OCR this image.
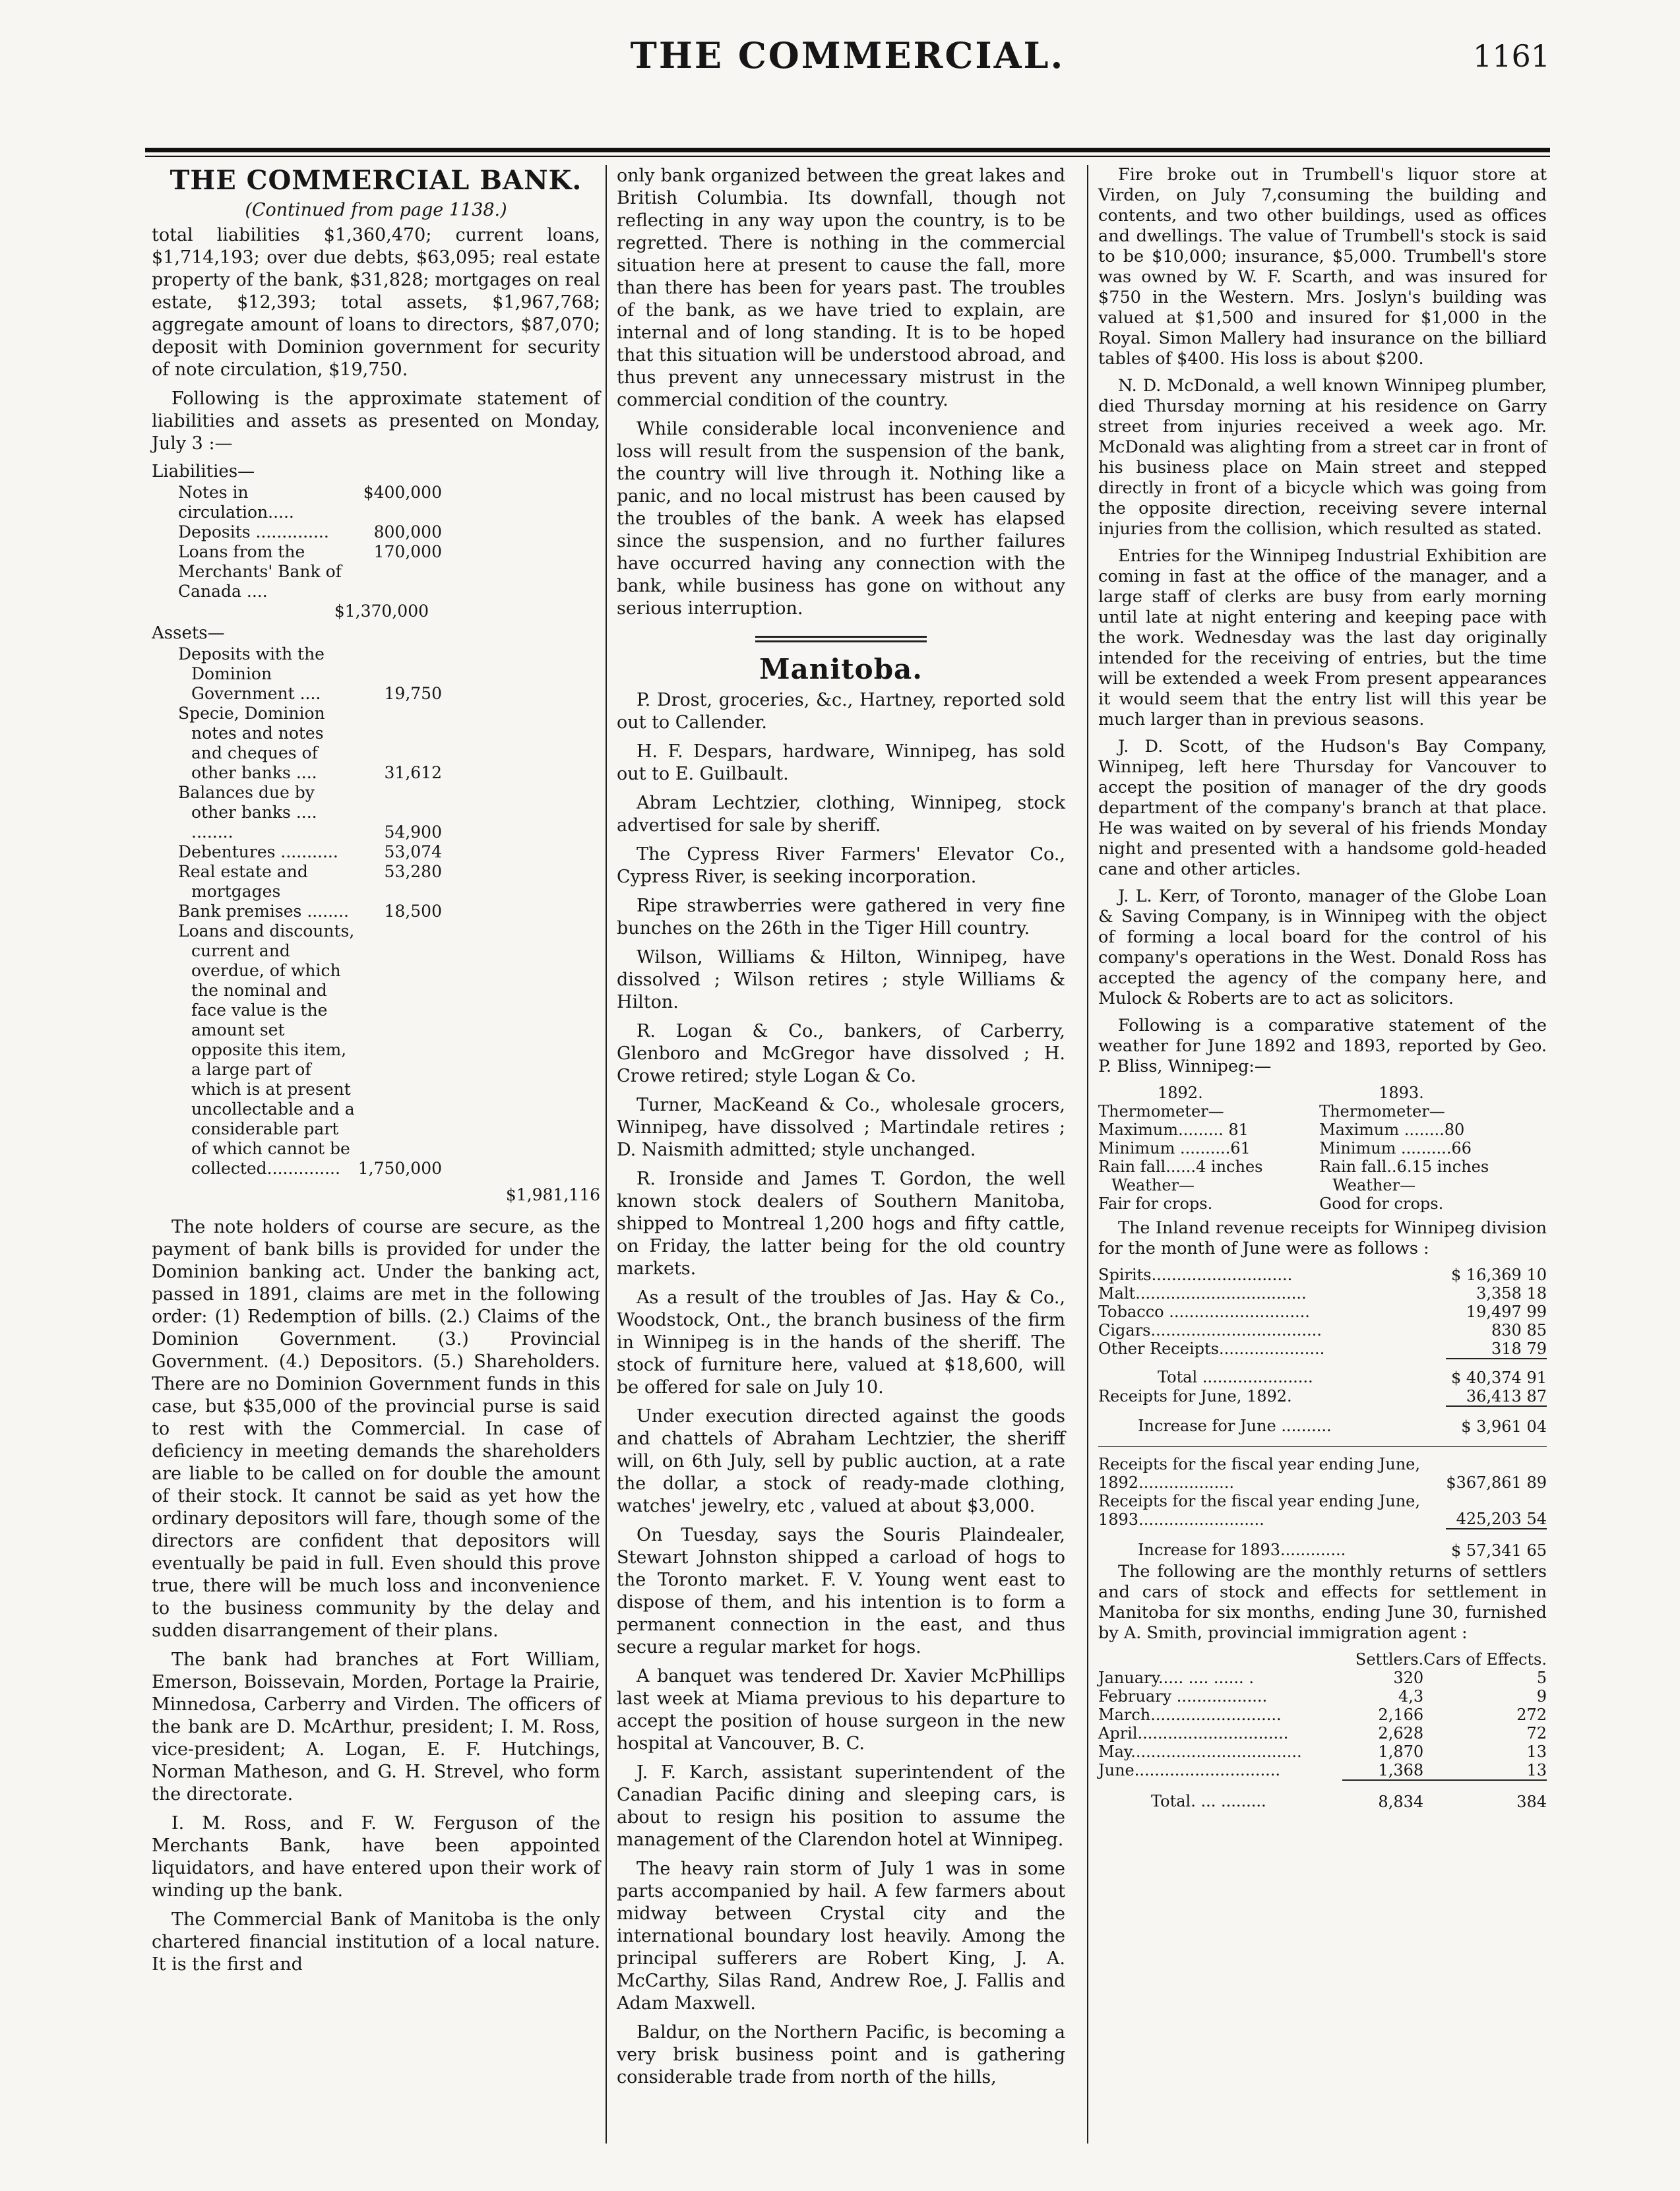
THE COMMERCIAL.	1161
THE COMMERCIAL BANK.
(Continued from page 1138.)

total liabilities $1,360,470; current loans, $1,714,193; over due debts, $63,095; real estate property of the bank, $31,828; mortgages on real estate, $12,393; total assets, $1,967,768; aggregate amount of loans to directors, $87,070; deposit with Dominion government for security of note circulation, $19,750.

Following is the approximate statement of liabilities and assets as presented on Monday, July 3 :—

Liabilities—
Notes in circulation.....	$400,000
Deposits ..............	800,000
Loans from the Merchants' Bank of Canada ....	170,000
$1,370,000
Assets—
Deposits with the Dominion Government ....	19,750
Specie, Dominion notes and notes and cheques of other banks ....	31,612
Balances due by other banks .... ........	54,900
Debentures ...........	53,074
Real estate and mortgages	53,280
Bank premises ........	18,500
Loans and discounts, current and overdue, of which the nominal and face value is the amount set opposite this item, a large part of which is at present uncollectable and a considerable part of which cannot be collected..............	1,750,000
$1,981,116

The note holders of course are secure, as the payment of bank bills is provided for under the Dominion banking act. Under the banking act, passed in 1891, claims are met in the following order: (1) Redemption of bills. (2.) Claims of the Dominion Government. (3.) Provincial Government. (4.) Depositors. (5.) Shareholders. There are no Dominion Government funds in this case, but $35,000 of the provincial purse is said to rest with the Commercial. In case of deficiency in meeting demands the shareholders are liable to be called on for double the amount of their stock. It cannot be said as yet how the ordinary depositors will fare, though some of the directors are confident that depositors will eventually be paid in full. Even should this prove true, there will be much loss and inconvenience to the business community by the delay and sudden disarrangement of their plans.

The bank had branches at Fort William, Emerson, Boissevain, Morden, Portage la Prairie, Minnedosa, Carberry and Virden. The officers of the bank are D. McArthur, president; I. M. Ross, vice-president; A. Logan, E. F. Hutchings, Norman Matheson, and G. H. Strevel, who form the directorate.

I. M. Ross, and F. W. Ferguson of the Merchants Bank, have been appointed liquidators, and have entered upon their work of winding up the bank.

The Commercial Bank of Manitoba is the only chartered financial institution of a local nature. It is the first and

only bank organized between the great lakes and British Columbia. Its downfall, though not reflecting in any way upon the country, is to be regretted. There is nothing in the commercial situation here at present to cause the fall, more than there has been for years past. The troubles of the bank, as we have tried to explain, are internal and of long standing. It is to be hoped that this situation will be understood abroad, and thus prevent any unnecessary mistrust in the commercial condition of the country.

While considerable local inconvenience and loss will result from the suspension of the bank, the country will live through it. Nothing like a panic, and no local mistrust has been caused by the troubles of the bank. A week has elapsed since the suspension, and no further failures have occurred having any connection with the bank, while business has gone on without any serious interruption.

Manitoba.

P. Drost, groceries, &c., Hartney, reported sold out to Callender.

H. F. Despars, hardware, Winnipeg, has sold out to E. Guilbault.

Abram Lechtzier, clothing, Winnipeg, stock advertised for sale by sheriff.

The Cypress River Farmers' Elevator Co., Cypress River, is seeking incorporation.

Ripe strawberries were gathered in very fine bunches on the 26th in the Tiger Hill country.

Wilson, Williams & Hilton, Winnipeg, have dissolved ; Wilson retires ; style Williams & Hilton.

R. Logan & Co., bankers, of Carberry, Glenboro and McGregor have dissolved ; H. Crowe retired; style Logan & Co.

Turner, MacKeand & Co., wholesale grocers, Winnipeg, have dissolved ; Martindale retires ; D. Naismith admitted; style unchanged.

R. Ironside and James T. Gordon, the well known stock dealers of Southern Manitoba, shipped to Montreal 1,200 hogs and fifty cattle, on Friday, the latter being for the old country markets.

As a result of the troubles of Jas. Hay & Co., Woodstock, Ont., the branch business of the firm in Winnipeg is in the hands of the sheriff. The stock of furniture here, valued at $18,600, will be offered for sale on July 10.

Under execution directed against the goods and chattels of Abraham Lechtzier, the sheriff will, on 6th July, sell by public auction, at a rate the dollar, a stock of ready-made clothing, watches' jewelry, etc , valued at about $3,000.

On Tuesday, says the Souris Plaindealer, Stewart Johnston shipped a carload of hogs to the Toronto market. F. V. Young went east to dispose of them, and his intention is to form a permanent connection in the east, and thus secure a regular market for hogs.

A banquet was tendered Dr. Xavier McPhillips last week at Miama previous to his departure to accept the position of house surgeon in the new hospital at Vancouver, B. C.

J. F. Karch, assistant superintendent of the Canadian Pacific dining and sleeping cars, is about to resign his position to assume the management of the Clarendon hotel at Winnipeg.

The heavy rain storm of July 1 was in some parts accompanied by hail. A few farmers about midway between Crystal city and the international boundary lost heavily. Among the principal sufferers are Robert King, J. A. McCarthy, Silas Rand, Andrew Roe, J. Fallis and Adam Maxwell.

Baldur, on the Northern Pacific, is becoming a very brisk business point and is gathering considerable trade from north of the hills,

Fire broke out in Trumbell's liquor store at Virden, on July 7,consuming the building and contents, and two other buildings, used as offices and dwellings. The value of Trumbell's stock is said to be $10,000; insurance, $5,000. Trumbell's store was owned by W. F. Scarth, and was insured for $750 in the Western. Mrs. Joslyn's building was valued at $1,500 and insured for $1,000 in the Royal. Simon Mallery had insurance on the billiard tables of $400. His loss is about $200.

N. D. McDonald, a well known Winnipeg plumber, died Thursday morning at his residence on Garry street from injuries received a week ago. Mr. McDonald was alighting from a street car in front of his business place on Main street and stepped directly in front of a bicycle which was going from the opposite direction, receiving severe internal injuries from the collision, which resulted as stated.

Entries for the Winnipeg Industrial Exhibition are coming in fast at the office of the manager, and a large staff of clerks are busy from early morning until late at night entering and keeping pace with the work. Wednesday was the last day originally intended for the receiving of entries, but the time will be extended a week From present appearances it would seem that the entry list will this year be much larger than in previous seasons.

J. D. Scott, of the Hudson's Bay Company, Winnipeg, left here Thursday for Vancouver to accept the position of manager of the dry goods department of the company's branch at that place. He was waited on by several of his friends Monday night and presented with a handsome gold-headed cane and other articles.

J. L. Kerr, of Toronto, manager of the Globe Loan & Saving Company, is in Winnipeg with the object of forming a local board for the control of his company's operations in the West. Donald Ross has accepted the agency of the company here, and Mulock & Roberts are to act as solicitors.

Following is a comparative statement of the weather for June 1892 and 1893, reported by Geo. P. Bliss, Winnipeg:—

1892.	1893.
Thermometer—	Thermometer—
Maximum......... 81	Maximum ........80
Minimum ..........61	Minimum ..........66
Rain fall......4 inches	Rain fall..6.15 inches
Weather—	Weather—
Fair for crops.	Good for crops.

The Inland revenue receipts for Winnipeg division for the month of June were as follows :

Spirits............................	$ 16,369 10
Malt..................................	3,358 18
Tobacco ............................	19,497 99
Cigars..................................	830 85
Other Receipts.....................	318 79
Total ......................	$ 40,374 91
Receipts for June, 1892.	36,413 87
Increase for June ..........	$ 3,961 04
Receipts for the fiscal year ending June, 1892...................	$367,861 89
Receipts for the fiscal year ending June, 1893.........................	425,203 54
Increase for 1893.............	$ 57,341 65

The following are the monthly returns of settlers and cars of stock and effects for settlement in Manitoba for six months, ending June 30, furnished by A. Smith, provincial immigration agent :

	Settlers.	Cars of Effects.
January..... .... ...... .	320	5
February ..................	4,3	9
March..........................	2,166	272
April..............................	2,628	72
May..................................	1,870	13
June.............................	1,368	13
Total. ... .........	8,834	384
